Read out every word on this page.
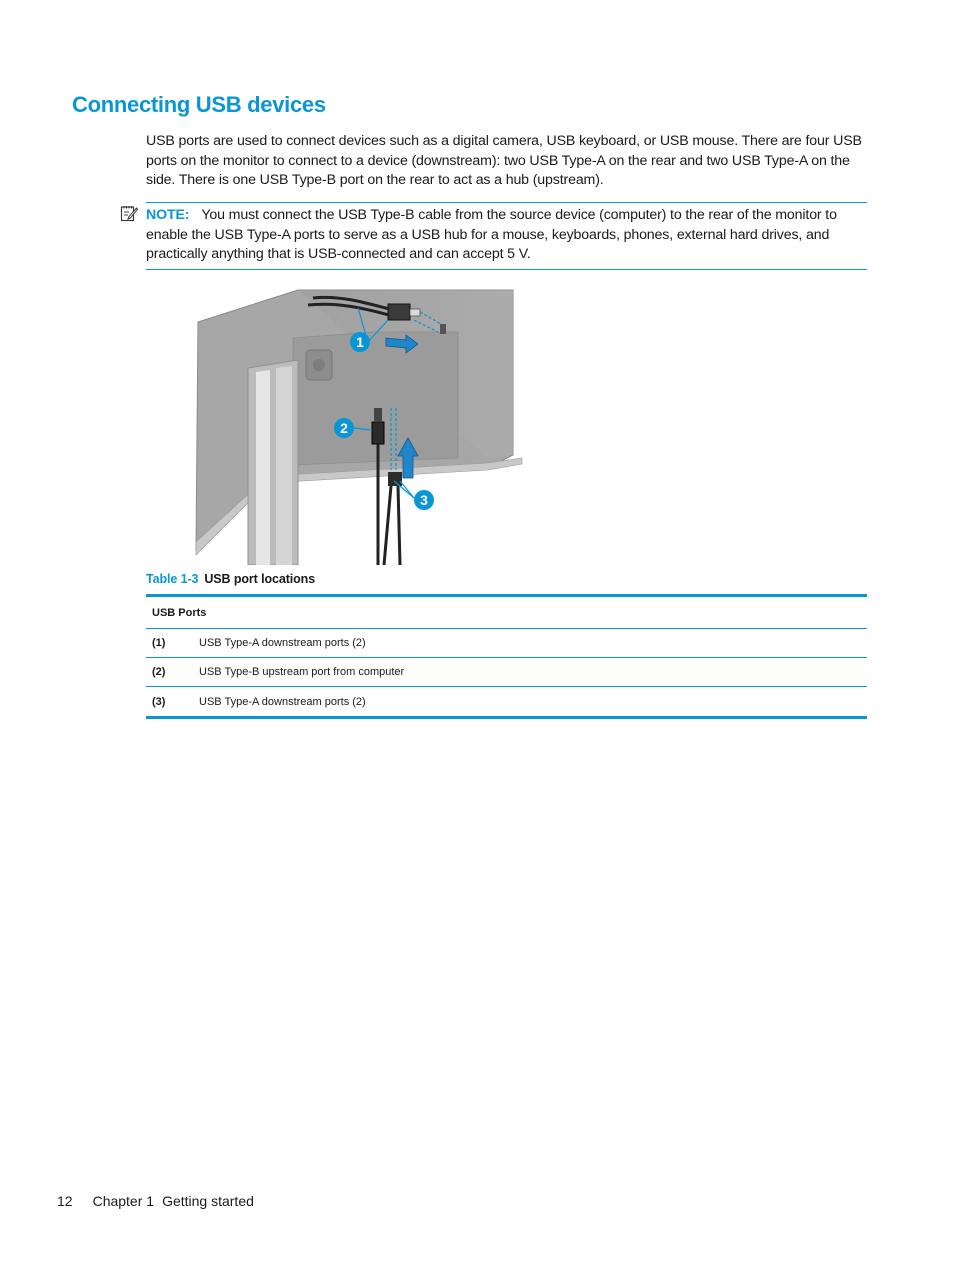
Connecting USB devices

USB ports are used to connect devices such as a digital camera, USB keyboard, or USB mouse. There are four USB ports on the monitor to connect to a device (downstream): two USB Type-A on the rear and two USB Type-A on the side. There is one USB Type-B port on the rear to act as a hub (upstream).

NOTE: You must connect the USB Type-B cable from the source device (computer) to the rear of the monitor to enable the USB Type-A ports to serve as a USB hub for a mouse, keyboards, phones, external hard drives, and practically anything that is USB-connected and can accept 5 V.
1
2
3
Table 1-3 USB port locations
USB Ports	
(1)	USB Type-A downstream ports (2)
(2)	USB Type-B upstream port from computer
(3)	USB Type-A downstream ports (2)
12 Chapter 1 Getting started
